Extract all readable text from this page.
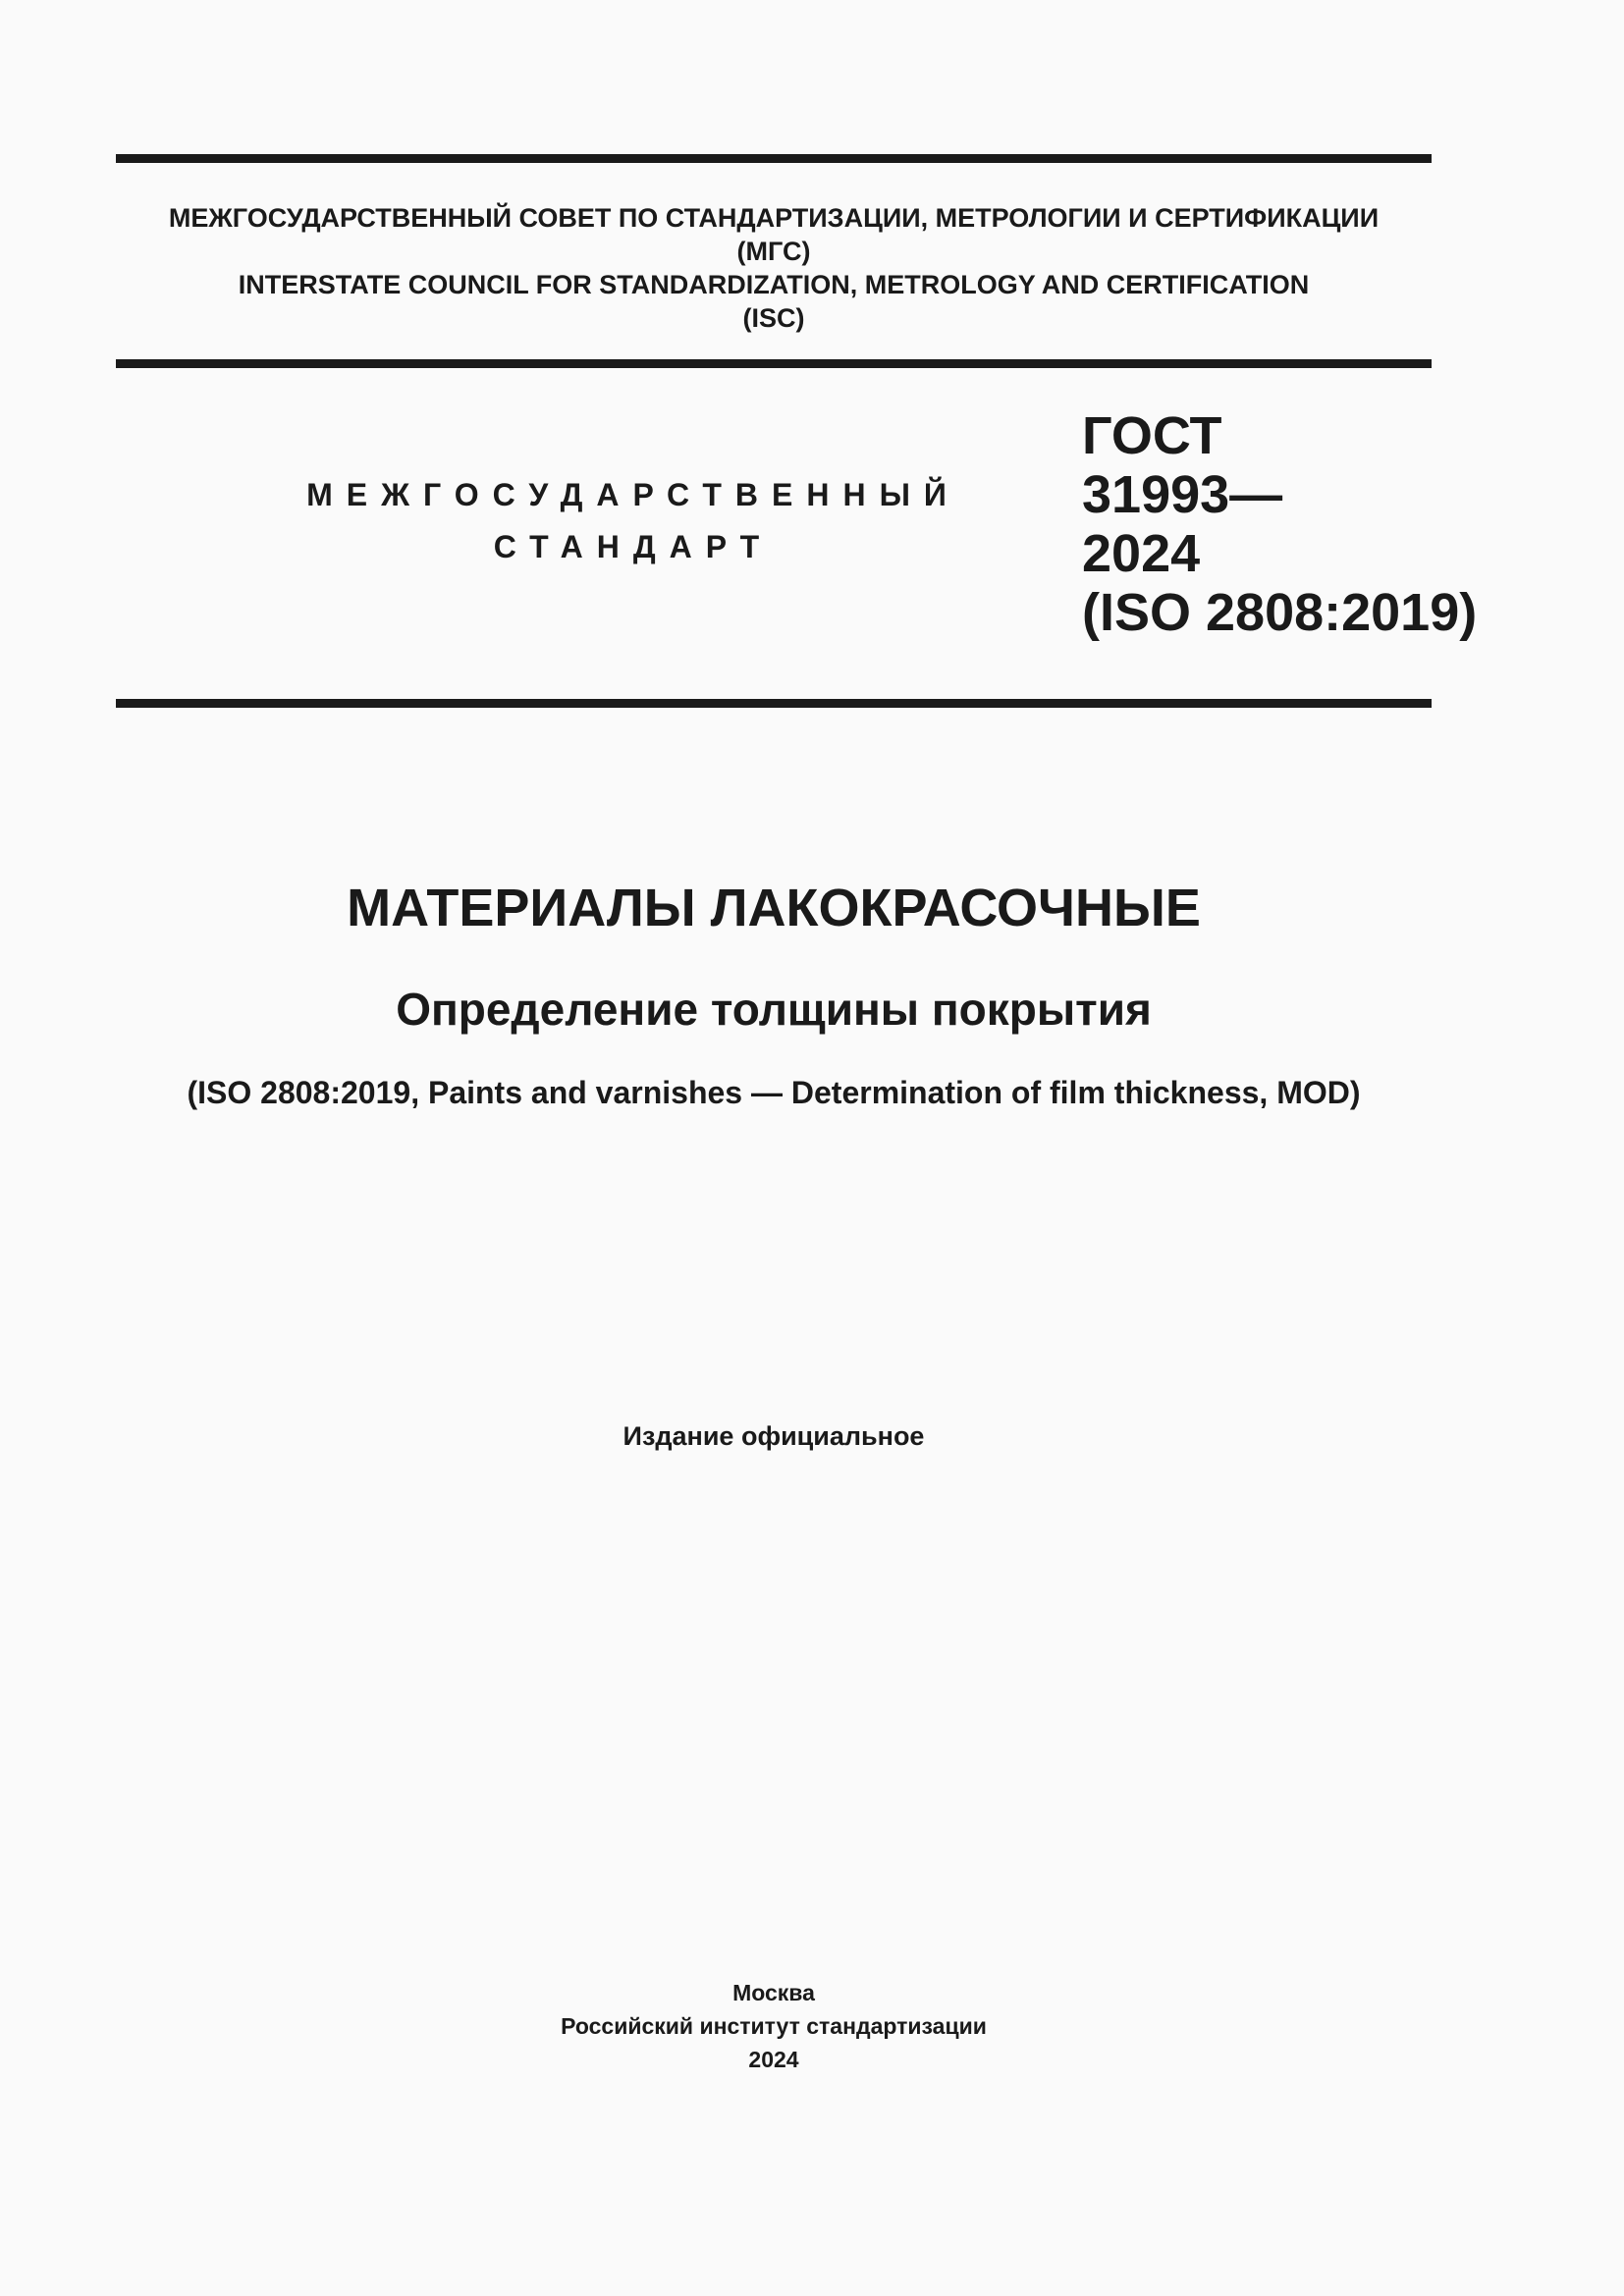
МЕЖГОСУДАРСТВЕННЫЙ СОВЕТ ПО СТАНДАРТИЗАЦИИ, МЕТРОЛОГИИ И СЕРТИФИКАЦИИ
(МГС)
INTERSTATE COUNCIL FOR STANDARDIZATION, METROLOGY AND CERTIFICATION
(ISC)
МЕЖГОСУДАРСТВЕННЫЙ
СТАНДАРТ
ГОСТ
31993—
2024
(ISO 2808:2019)
МАТЕРИАЛЫ ЛАКОКРАСОЧНЫЕ
Определение толщины покрытия
(ISO 2808:2019, Paints and varnishes — Determination of film thickness, MOD)
Издание официальное
Москва
Российский институт стандартизации
2024
